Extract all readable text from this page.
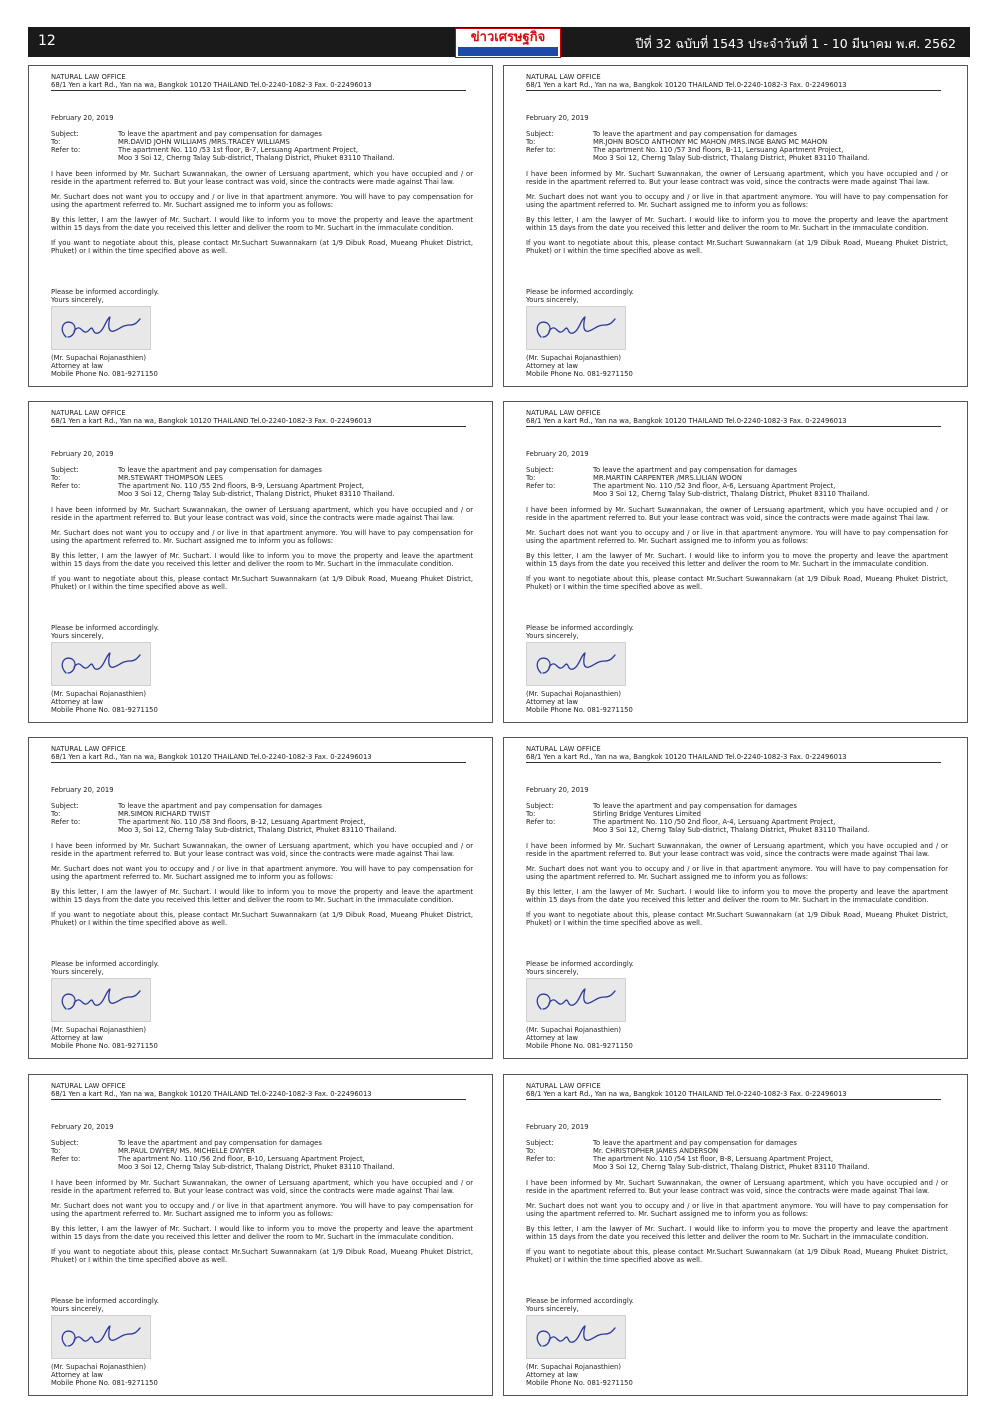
12	ข่าวเศรษฐกิจ	ปีที่ 32 ฉบับที่ 1543 ประจำวันที่ 1 - 10 มีนาคม พ.ศ. 2562
NATURAL LAW OFFICE
68/1 Yen a kart Rd., Yan na wa, Bangkok 10120 THAILAND Tel.0-2240-1082-3 Fax. 0-22496013
February 20, 2019
Subject:	To leave the apartment and pay compensation for damages
To:	MR.DAVID JOHN WILLIAMS /MRS.TRACEY WILLIAMS
Refer to:	The apartment No. 110 /53 1st floor, B-7, Lersuang Apartment Project,
Moo 3 Soi 12, Cherng Talay Sub-district, Thalang District, Phuket 83110 Thailand.

I have been informed by Mr. Suchart Suwannakan, the owner of Lersuang apartment, which you have occupied and / or reside in the apartment referred to. But your lease contract was void, since the contracts were made against Thai law.

Mr. Suchart does not want you to occupy and / or live in that apartment anymore. You will have to pay compensation for using the apartment referred to. Mr. Suchart assigned me to inform you as follows:

By this letter, I am the lawyer of Mr. Suchart. I would like to inform you to move the property and leave the apartment within 15 days from the date you received this letter and deliver the room to Mr. Suchart in the immaculate condition.

If you want to negotiate about this, please contact Mr.Suchart Suwannakarn (at 1/9 Dibuk Road, Mueang Phuket District, Phuket) or I within the time specified above as well.

Please be informed accordingly.
Yours sincerely,
(Mr. Supachai Rojanasthien)
Attorney at law
Mobile Phone No. 081-9271150
NATURAL LAW OFFICE
68/1 Yen a kart Rd., Yan na wa, Bangkok 10120 THAILAND Tel.0-2240-1082-3 Fax. 0-22496013
February 20, 2019
Subject:	To leave the apartment and pay compensation for damages
To:	MR.JOHN BOSCO ANTHONY MC MAHON /MRS.INGE BANG MC MAHON
Refer to:	The apartment No. 110 /57 3nd floors, B-11, Lersuang Apartment Project,
Moo 3 Soi 12, Cherng Talay Sub-district, Thalang District, Phuket 83110 Thailand.

I have been informed by Mr. Suchart Suwannakan, the owner of Lersuang apartment, which you have occupied and / or reside in the apartment referred to. But your lease contract was void, since the contracts were made against Thai law.

Mr. Suchart does not want you to occupy and / or live in that apartment anymore. You will have to pay compensation for using the apartment referred to. Mr. Suchart assigned me to inform you as follows:

By this letter, I am the lawyer of Mr. Suchart. I would like to inform you to move the property and leave the apartment within 15 days from the date you received this letter and deliver the room to Mr. Suchart in the immaculate condition.

If you want to negotiate about this, please contact Mr.Suchart Suwannakarn (at 1/9 Dibuk Road, Mueang Phuket District, Phuket) or I within the time specified above as well.

Please be informed accordingly.
Yours sincerely,
(Mr. Supachai Rojanasthien)
Attorney at law
Mobile Phone No. 081-9271150
NATURAL LAW OFFICE
68/1 Yen a kart Rd., Yan na wa, Bangkok 10120 THAILAND Tel.0-2240-1082-3 Fax. 0-22496013
February 20, 2019
Subject:	To leave the apartment and pay compensation for damages
To:	MR.STEWART THOMPSON LEES
Refer to:	The apartment No. 110 /55 2nd floors, B-9, Lersuang Apartment Project,
Moo 3 Soi 12, Cherng Talay Sub-district, Thalang District, Phuket 83110 Thailand.

I have been informed by Mr. Suchart Suwannakan, the owner of Lersuang apartment, which you have occupied and / or reside in the apartment referred to. But your lease contract was void, since the contracts were made against Thai law.

Mr. Suchart does not want you to occupy and / or live in that apartment anymore. You will have to pay compensation for using the apartment referred to. Mr. Suchart assigned me to inform you as follows:

By this letter, I am the lawyer of Mr. Suchart. I would like to inform you to move the property and leave the apartment within 15 days from the date you received this letter and deliver the room to Mr. Suchart in the immaculate condition.

If you want to negotiate about this, please contact Mr.Suchart Suwannakarn (at 1/9 Dibuk Road, Mueang Phuket District, Phuket) or I within the time specified above as well.

Please be informed accordingly.
Yours sincerely,
(Mr. Supachai Rojanasthien)
Attorney at law
Mobile Phone No. 081-9271150
NATURAL LAW OFFICE
68/1 Yen a kart Rd., Yan na wa, Bangkok 10120 THAILAND Tel.0-2240-1082-3 Fax. 0-22496013
February 20, 2019
Subject:	To leave the apartment and pay compensation for damages
To:	MR.MARTIN CARPENTER /MRS.LILIAN WOON
Refer to:	The apartment No. 110 /52 3nd floor, A-6, Lersuang Apartment Project,
Moo 3 Soi 12, Cherng Talay Sub-district, Thalang District, Phuket 83110 Thailand.

I have been informed by Mr. Suchart Suwannakan, the owner of Lersuang apartment, which you have occupied and / or reside in the apartment referred to. But your lease contract was void, since the contracts were made against Thai law.

Mr. Suchart does not want you to occupy and / or live in that apartment anymore. You will have to pay compensation for using the apartment referred to. Mr. Suchart assigned me to inform you as follows:

By this letter, I am the lawyer of Mr. Suchart. I would like to inform you to move the property and leave the apartment within 15 days from the date you received this letter and deliver the room to Mr. Suchart in the immaculate condition.

If you want to negotiate about this, please contact Mr.Suchart Suwannakarn (at 1/9 Dibuk Road, Mueang Phuket District, Phuket) or I within the time specified above as well.

Please be informed accordingly.
Yours sincerely,
(Mr. Supachai Rojanasthien)
Attorney at law
Mobile Phone No. 081-9271150
NATURAL LAW OFFICE
68/1 Yen a kart Rd., Yan na wa, Bangkok 10120 THAILAND Tel.0-2240-1082-3 Fax. 0-22496013
February 20, 2019
Subject:	To leave the apartment and pay compensation for damages
To:	MR.SIMON RICHARD TWIST
Refer to:	The apartment No. 110 /58 3nd floors, B-12, Lesuang Apartment Project,
Moo 3, Soi 12, Cherng Talay Sub-district, Thalang District, Phuket 83110 Thailand.

I have been informed by Mr. Suchart Suwannakan, the owner of Lersuang apartment, which you have occupied and / or reside in the apartment referred to. But your lease contract was void, since the contracts were made against Thai law.

Mr. Suchart does not want you to occupy and / or live in that apartment anymore. You will have to pay compensation for using the apartment referred to. Mr. Suchart assigned me to inform you as follows:

By this letter, I am the lawyer of Mr. Suchart. I would like to inform you to move the property and leave the apartment within 15 days from the date you received this letter and deliver the room to Mr. Suchart in the immaculate condition.

If you want to negotiate about this, please contact Mr.Suchart Suwannakarn (at 1/9 Dibuk Road, Mueang Phuket District, Phuket) or I within the time specified above as well.

Please be informed accordingly.
Yours sincerely,
(Mr. Supachai Rojanasthien)
Attorney at law
Mobile Phone No. 081-9271150
NATURAL LAW OFFICE
68/1 Yen a kart Rd., Yan na wa, Bangkok 10120 THAILAND Tel.0-2240-1082-3 Fax. 0-22496013
February 20, 2019
Subject:	To leave the apartment and pay compensation for damages
To:	Stirling Bridge Ventures Limited
Refer to:	The apartment No. 110 /50 2nd floor, A-4, Lersuang Apartment Project,
Moo 3 Soi 12, Cherng Talay Sub-district, Thalang District, Phuket 83110 Thailand.

I have been informed by Mr. Suchart Suwannakan, the owner of Lersuang apartment, which you have occupied and / or reside in the apartment referred to. But your lease contract was void, since the contracts were made against Thai law.

Mr. Suchart does not want you to occupy and / or live in that apartment anymore. You will have to pay compensation for using the apartment referred to. Mr. Suchart assigned me to inform you as follows:

By this letter, I am the lawyer of Mr. Suchart. I would like to inform you to move the property and leave the apartment within 15 days from the date you received this letter and deliver the room to Mr. Suchart in the immaculate condition.

If you want to negotiate about this, please contact Mr.Suchart Suwannakarn (at 1/9 Dibuk Road, Mueang Phuket District, Phuket) or I within the time specified above as well.

Please be informed accordingly.
Yours sincerely,
(Mr. Supachai Rojanasthien)
Attorney at law
Mobile Phone No. 081-9271150
NATURAL LAW OFFICE
68/1 Yen a kart Rd., Yan na wa, Bangkok 10120 THAILAND Tel.0-2240-1082-3 Fax. 0-22496013
February 20, 2019
Subject:	To leave the apartment and pay compensation for damages
To:	MR.PAUL DWYER/ MS. MICHELLE DWYER
Refer to:	The apartment No. 110 /56 2nd floor, B-10, Lersuang Apartment Project,
Moo 3 Soi 12, Cherng Talay Sub-district, Thalang District, Phuket 83110 Thailand.

I have been informed by Mr. Suchart Suwannakan, the owner of Lersuang apartment, which you have occupied and / or reside in the apartment referred to. But your lease contract was void, since the contracts were made against Thai law.

Mr. Suchart does not want you to occupy and / or live in that apartment anymore. You will have to pay compensation for using the apartment referred to. Mr. Suchart assigned me to inform you as follows:

By this letter, I am the lawyer of Mr. Suchart. I would like to inform you to move the property and leave the apartment within 15 days from the date you received this letter and deliver the room to Mr. Suchart in the immaculate condition.

If you want to negotiate about this, please contact Mr.Suchart Suwannakarn (at 1/9 Dibuk Road, Mueang Phuket District, Phuket) or I within the time specified above as well.

Please be informed accordingly.
Yours sincerely,
(Mr. Supachai Rojanasthien)
Attorney at law
Mobile Phone No. 081-9271150
NATURAL LAW OFFICE
68/1 Yen a kart Rd., Yan na wa, Bangkok 10120 THAILAND Tel.0-2240-1082-3 Fax. 0-22496013
February 20, 2019
Subject:	To leave the apartment and pay compensation for damages
To:	Mr. CHRISTOPHER JAMES ANDERSON
Refer to:	The apartment No. 110 /54 1st floor, B-8, Lersuang Apartment Project,
Moo 3 Soi 12, Cherng Talay Sub-district, Thalang District, Phuket 83110 Thailand.

I have been informed by Mr. Suchart Suwannakan, the owner of Lersuang apartment, which you have occupied and / or reside in the apartment referred to. But your lease contract was void, since the contracts were made against Thai law.

Mr. Suchart does not want you to occupy and / or live in that apartment anymore. You will have to pay compensation for using the apartment referred to. Mr. Suchart assigned me to inform you as follows:

By this letter, I am the lawyer of Mr. Suchart. I would like to inform you to move the property and leave the apartment within 15 days from the date you received this letter and deliver the room to Mr. Suchart in the immaculate condition.

If you want to negotiate about this, please contact Mr.Suchart Suwannakarn (at 1/9 Dibuk Road, Mueang Phuket District, Phuket) or I within the time specified above as well.

Please be informed accordingly.
Yours sincerely,
(Mr. Supachai Rojanasthien)
Attorney at law
Mobile Phone No. 081-9271150
